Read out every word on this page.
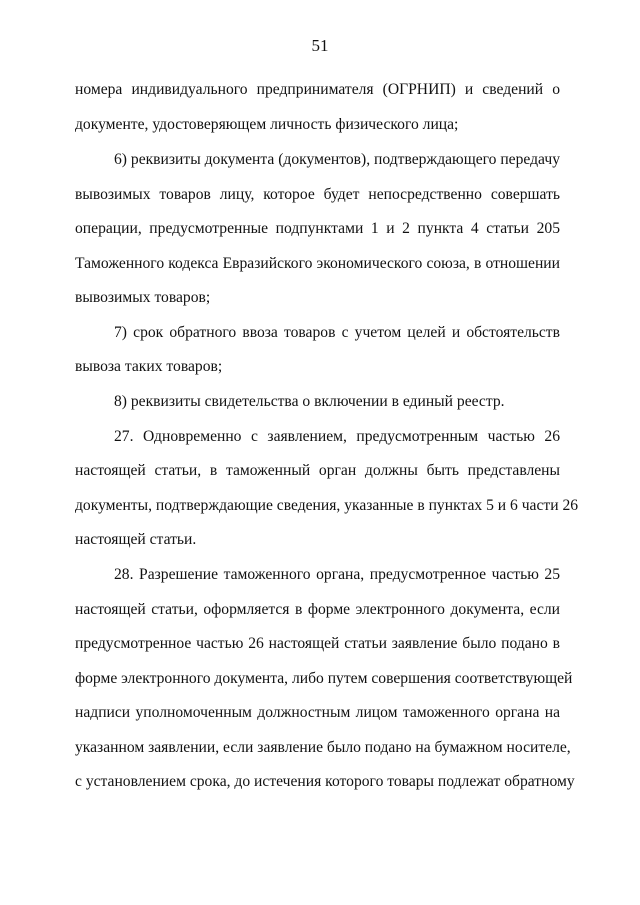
51
номера индивидуального предпринимателя (ОГРНИП) и сведений о
документе, удостоверяющем личность физического лица;
6) реквизиты документа (документов), подтверждающего передачу
вывозимых товаров лицу, которое будет непосредственно совершать
операции, предусмотренные подпунктами 1 и 2 пункта 4 статьи 205
Таможенного кодекса Евразийского экономического союза, в отношении
вывозимых товаров;
7) срок обратного ввоза товаров с учетом целей и обстоятельств
вывоза таких товаров;
8) реквизиты свидетельства о включении в единый реестр.
27. Одновременно с заявлением, предусмотренным частью 26
настоящей статьи, в таможенный орган должны быть представлены
документы, подтверждающие сведения, указанные в пунктах 5 и 6 части 26
настоящей статьи.
28. Разрешение таможенного органа, предусмотренное частью 25
настоящей статьи, оформляется в форме электронного документа, если
предусмотренное частью 26 настоящей статьи заявление было подано в
форме электронного документа, либо путем совершения соответствующей
надписи уполномоченным должностным лицом таможенного органа на
указанном заявлении, если заявление было подано на бумажном носителе,
с установлением срока, до истечения которого товары подлежат обратному
